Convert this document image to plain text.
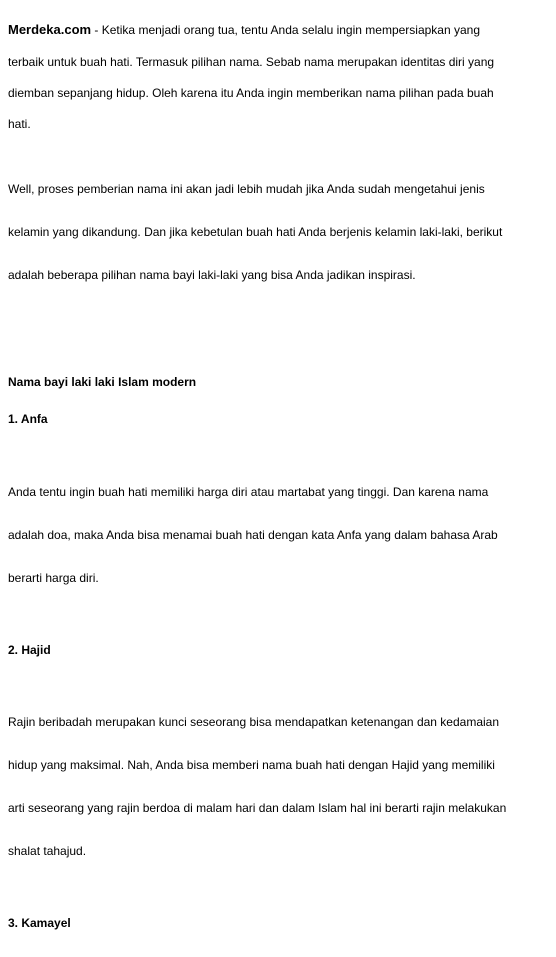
Merdeka.com - Ketika menjadi orang tua, tentu Anda selalu ingin mempersiapkan yang
terbaik untuk buah hati. Termasuk pilihan nama. Sebab nama merupakan identitas diri yang
diemban sepanjang hidup. Oleh karena itu Anda ingin memberikan nama pilihan pada buah
hati.
Well, proses pemberian nama ini akan jadi lebih mudah jika Anda sudah mengetahui jenis
kelamin yang dikandung. Dan jika kebetulan buah hati Anda berjenis kelamin laki-laki, berikut
adalah beberapa pilihan nama bayi laki-laki yang bisa Anda jadikan inspirasi.
Nama bayi laki laki Islam modern
1. Anfa
Anda tentu ingin buah hati memiliki harga diri atau martabat yang tinggi. Dan karena nama
adalah doa, maka Anda bisa menamai buah hati dengan kata Anfa yang dalam bahasa Arab
berarti harga diri.
2. Hajid
Rajin beribadah merupakan kunci seseorang bisa mendapatkan ketenangan dan kedamaian
hidup yang maksimal. Nah, Anda bisa memberi nama buah hati dengan Hajid yang memiliki
arti seseorang yang rajin berdoa di malam hari dan dalam Islam hal ini berarti rajin melakukan
shalat tahajud.
3. Kamayel
